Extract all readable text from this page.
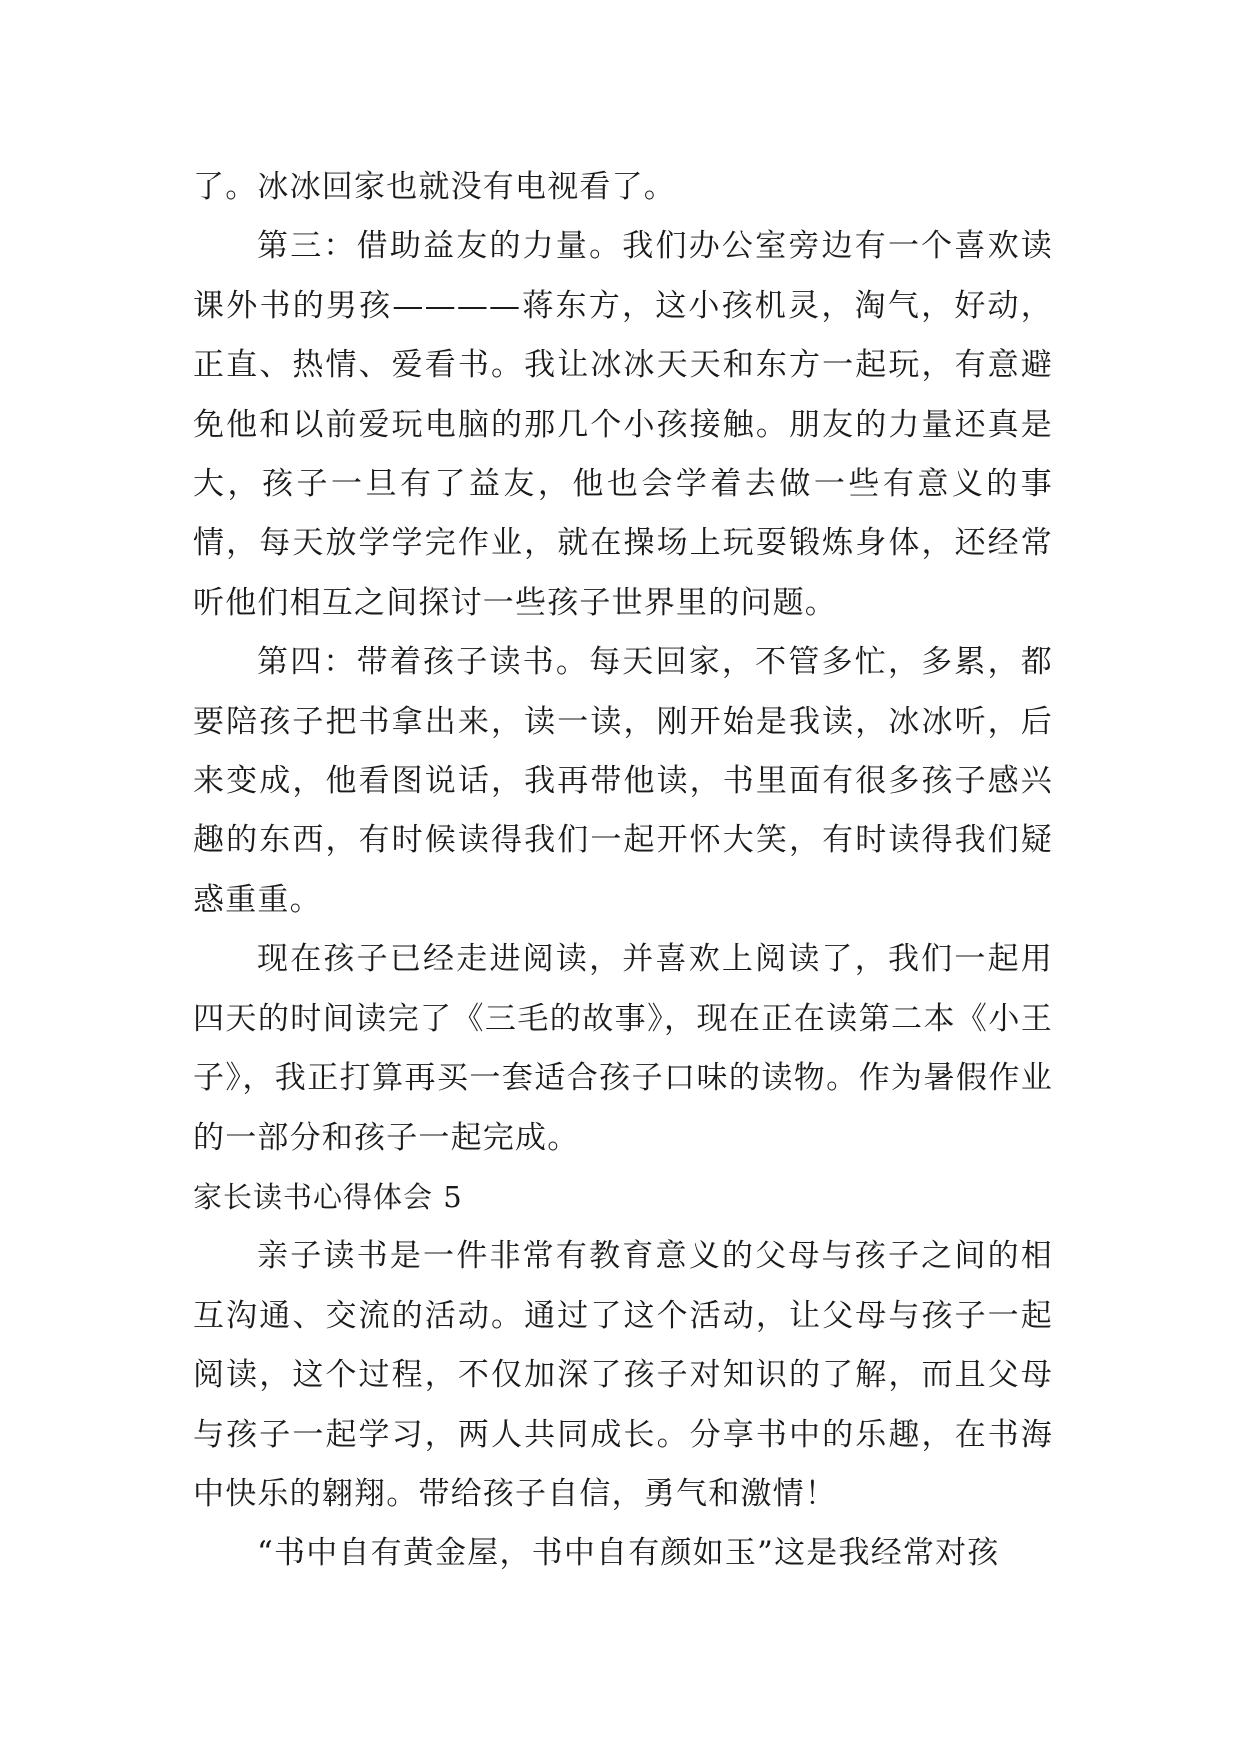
了。冰冰回家也就没有电视看了。

第三：借助益友的力量。我们办公室旁边有一个喜欢读课外书的男孩————蒋东方，这小孩机灵，淘气，好动，正直、热情、爱看书。我让冰冰天天和东方一起玩，有意避免他和以前爱玩电脑的那几个小孩接触。朋友的力量还真是大，孩子一旦有了益友，他也会学着去做一些有意义的事情，每天放学学完作业，就在操场上玩耍锻炼身体，还经常听他们相互之间探讨一些孩子世界里的问题。

第四：带着孩子读书。每天回家，不管多忙，多累，都要陪孩子把书拿出来，读一读，刚开始是我读，冰冰听，后来变成，他看图说话，我再带他读，书里面有很多孩子感兴趣的东西，有时候读得我们一起开怀大笑，有时读得我们疑惑重重。

现在孩子已经走进阅读，并喜欢上阅读了，我们一起用四天的时间读完了《三毛的故事》，现在正在读第二本《小王子》，我正打算再买一套适合孩子口味的读物。作为暑假作业的一部分和孩子一起完成。

家长读书心得体会 5

亲子读书是一件非常有教育意义的父母与孩子之间的相互沟通、交流的活动。通过了这个活动，让父母与孩子一起阅读，这个过程，不仅加深了孩子对知识的了解，而且父母与孩子一起学习，两人共同成长。分享书中的乐趣，在书海中快乐的翱翔。带给孩子自信，勇气和激情！

“书中自有黄金屋，书中自有颜如玉”这是我经常对孩
